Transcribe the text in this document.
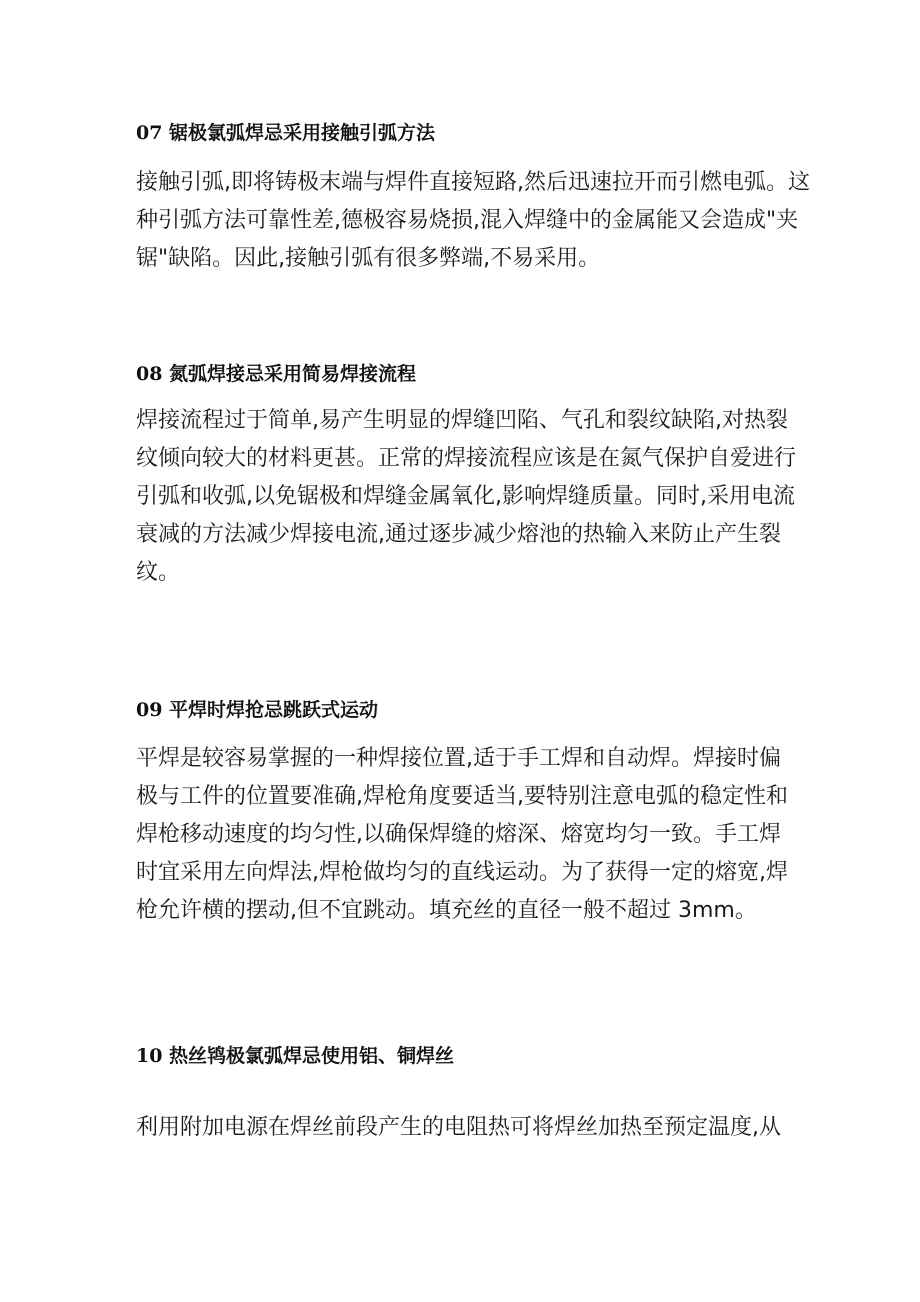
07 锯极氯弧焊忌采用接触引弧方法

接触引弧,即将铸极末端与焊件直接短路,然后迅速拉开而引燃电弧。这
种引弧方法可靠性差,德极容易烧损,混入焊缝中的金属能又会造成"夹
锯"缺陷。因此,接触引弧有很多弊端,不易采用。

08 氮弧焊接忌采用简易焊接流程

焊接流程过于简单,易产生明显的焊缝凹陷、气孔和裂纹缺陷,对热裂
纹倾向较大的材料更甚。正常的焊接流程应该是在氮气保护自爱进行
引弧和收弧,以免锯极和焊缝金属氧化,影响焊缝质量。同时,采用电流
衰减的方法减少焊接电流,通过逐步减少熔池的热输入来防止产生裂
纹。

09 平焊时焊抢忌跳跃式运动

平焊是较容易掌握的一种焊接位置,适于手工焊和自动焊。焊接时偏
极与工件的位置要准确,焊枪角度要适当,要特别注意电弧的稳定性和
焊枪移动速度的均匀性,以确保焊缝的熔深、熔宽均匀一致。手工焊
时宜采用左向焊法,焊枪做均匀的直线运动。为了获得一定的熔宽,焊
枪允许横的摆动,但不宜跳动。填充丝的直径一般不超过 3mm。

10 热丝鸨极氯弧焊忌使用铝、铜焊丝

利用附加电源在焊丝前段产生的电阻热可将焊丝加热至预定温度,从
